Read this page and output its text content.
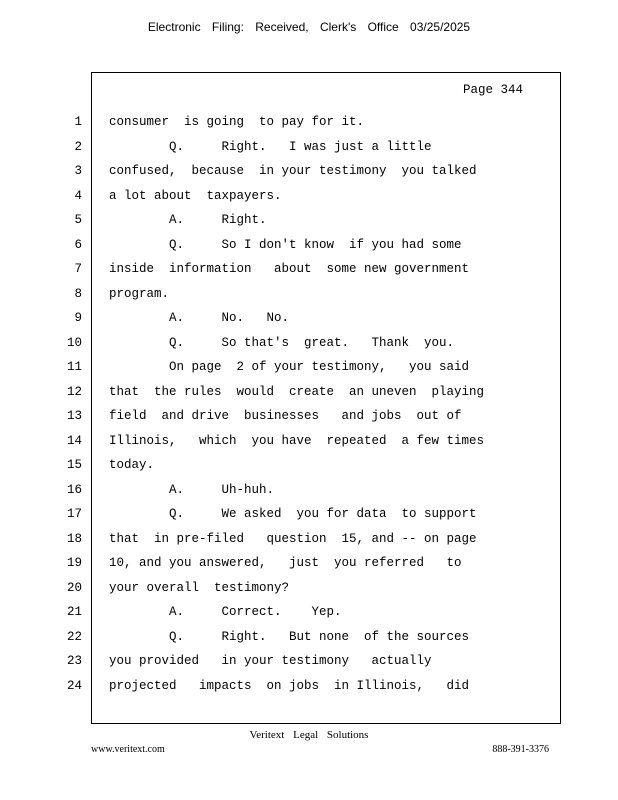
Electronic Filing: Received, Clerk's Office 03/25/2025
Page 344
1
2
3
4
5
6
7
8
9
10
11
12
13
14
15
16
17
18
19
20
21
22
23
24
consumer  is going  to pay for it.
Q.     Right.   I was just a little
confused,  because  in your testimony  you talked
a lot about  taxpayers.
A.     Right.
Q.     So I don't know  if you had some
inside  information   about  some new government
program.
A.     No.   No.
Q.     So that's  great.   Thank  you.
On page  2 of your testimony,   you said
that  the rules  would  create  an uneven  playing
field  and drive  businesses   and jobs  out of
Illinois,   which  you have  repeated  a few times
today.
A.     Uh-huh.
Q.     We asked  you for data  to support
that  in pre-filed   question  15, and -- on page
10, and you answered,   just  you referred   to
your overall  testimony?
A.     Correct.    Yep.
Q.     Right.   But none  of the sources
you provided   in your testimony   actually
projected   impacts  on jobs  in Illinois,   did
Veritext Legal Solutions
www.veritext.com	888-391-3376
